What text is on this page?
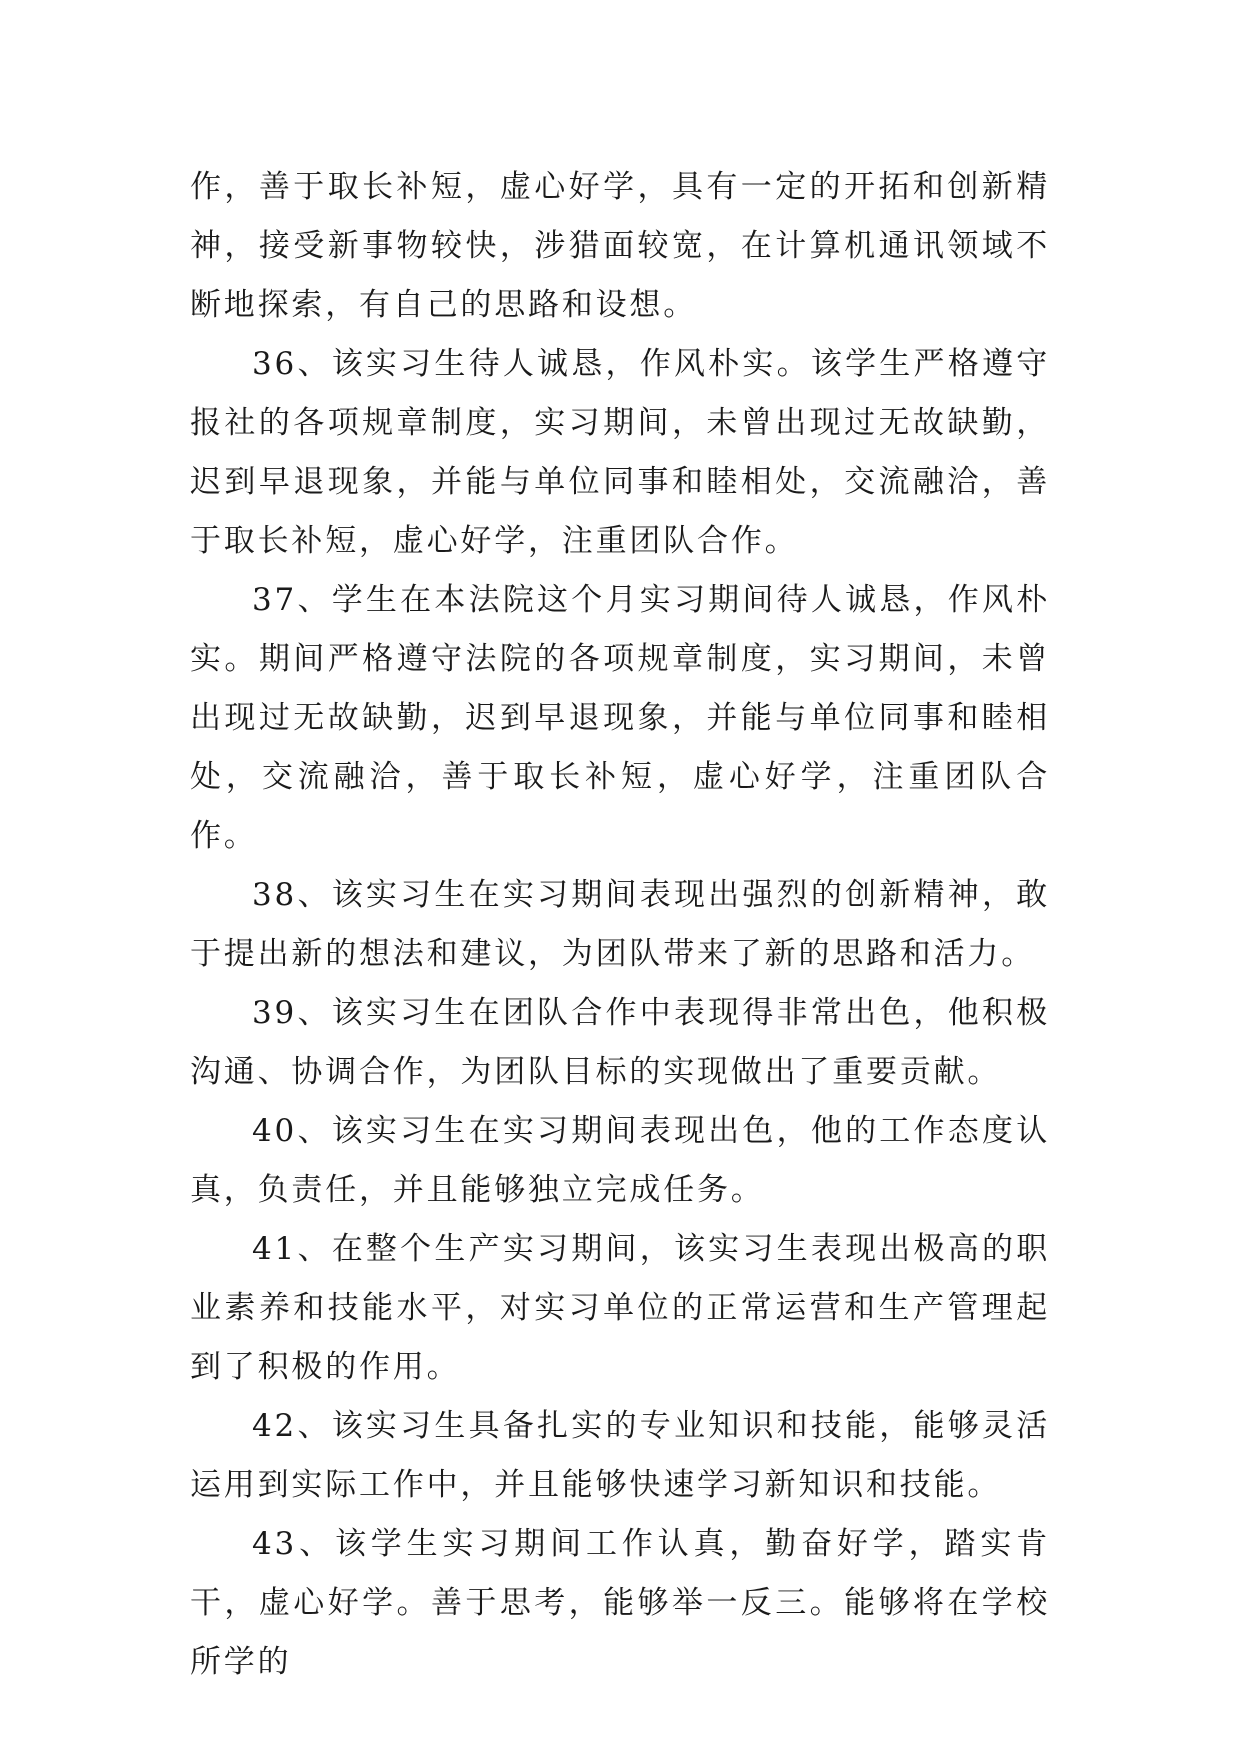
作，善于取长补短，虚心好学，具有一定的开拓和创新精神，接受新事物较快，涉猎面较宽，在计算机通讯领域不断地探索，有自己的思路和设想。

36、该实习生待人诚恳，作风朴实。该学生严格遵守报社的各项规章制度，实习期间，未曾出现过无故缺勤，迟到早退现象，并能与单位同事和睦相处，交流融洽，善于取长补短，虚心好学，注重团队合作。

37、学生在本法院这个月实习期间待人诚恳，作风朴实。期间严格遵守法院的各项规章制度，实习期间，未曾出现过无故缺勤，迟到早退现象，并能与单位同事和睦相处，交流融洽，善于取长补短，虚心好学，注重团队合作。

38、该实习生在实习期间表现出强烈的创新精神，敢于提出新的想法和建议，为团队带来了新的思路和活力。

39、该实习生在团队合作中表现得非常出色，他积极沟通、协调合作，为团队目标的实现做出了重要贡献。

40、该实习生在实习期间表现出色，他的工作态度认真，负责任，并且能够独立完成任务。

41、在整个生产实习期间，该实习生表现出极高的职业素养和技能水平，对实习单位的正常运营和生产管理起到了积极的作用。

42、该实习生具备扎实的专业知识和技能，能够灵活运用到实际工作中，并且能够快速学习新知识和技能。

43、该学生实习期间工作认真，勤奋好学，踏实肯干，虚心好学。善于思考，能够举一反三。能够将在学校所学的
